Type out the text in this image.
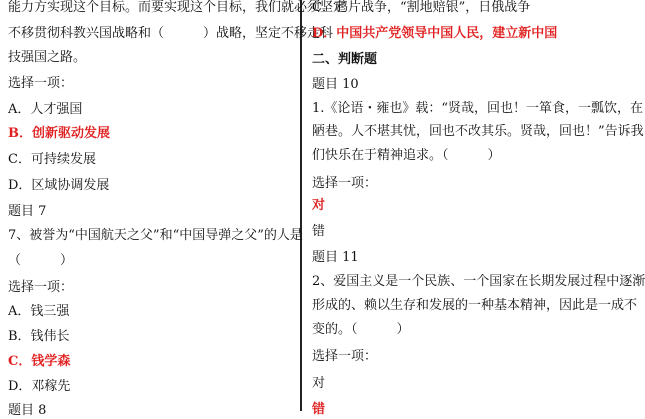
能力方实现这个目标。而要实现这个目标，我们就必须坚定
不移贯彻科教兴国战略和（　　　）战略，坚定不移走科
技强国之路。
选择一项：
A．人才强国
B．创新驱动发展
C．可持续发展
D．区域协调发展
题目 7
7、被誉为“中国航天之父”和“中国导弹之父”的人是
（　　　）
选择一项：
A．钱三强
B．钱伟长
C．钱学森
D．邓稼先
题目 8
C．鸦片战争，“割地赔银”，日俄战争
D．中国共产党领导中国人民，建立新中国
二、判断题
题目 10
1.《论语・雍也》载：“贤哉，回也！一箪食，一瓢饮，在
陋巷。人不堪其忧，回也不改其乐。贤哉，回也！”告诉我
们快乐在于精神追求。（　　　）
选择一项：
对
错
题目 11
2、爱国主义是一个民族、一个国家在长期发展过程中逐渐
形成的、赖以生存和发展的一种基本精神，因此是一成不
变的。（　　　）
选择一项：
对
错
